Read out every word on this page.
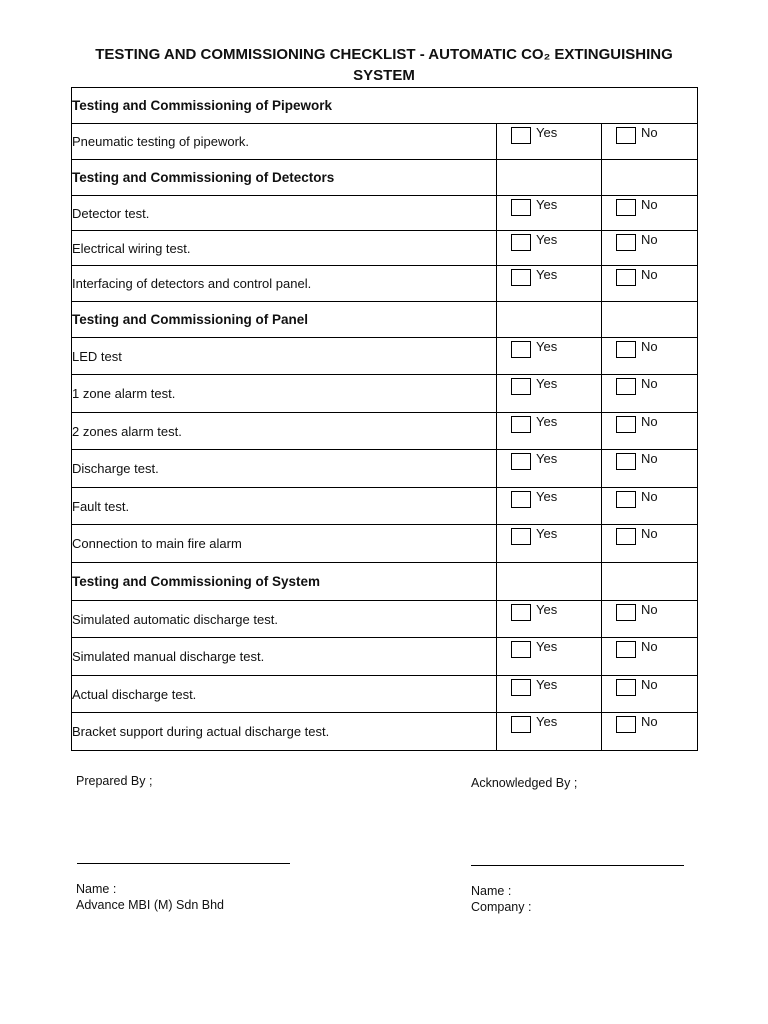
TESTING AND COMMISSIONING CHECKLIST - AUTOMATIC CO₂ EXTINGUISHING SYSTEM
Testing and Commissioning of Pipework		
Pneumatic testing of pipework.	Yes	No

Testing and Commissioning of Detectors		
Detector test.	Yes	No

Electrical wiring test.	Yes	No

Interfacing of detectors and control panel.	Yes	No

Testing and Commissioning of Panel		
LED test	Yes	No

1 zone alarm test.	Yes	No

2 zones alarm test.	Yes	No

Discharge test.	Yes	No

Fault test.	Yes	No

Connection to main fire alarm	Yes	No

Testing and Commissioning of System		
Simulated automatic discharge test.	Yes	No

Simulated manual discharge test.	Yes	No

Actual discharge test.	Yes	No

Bracket support during actual discharge test.	Yes	No
Prepared By ;
Name :
Advance MBI (M) Sdn Bhd
Acknowledged By ;
Name :
Company :
